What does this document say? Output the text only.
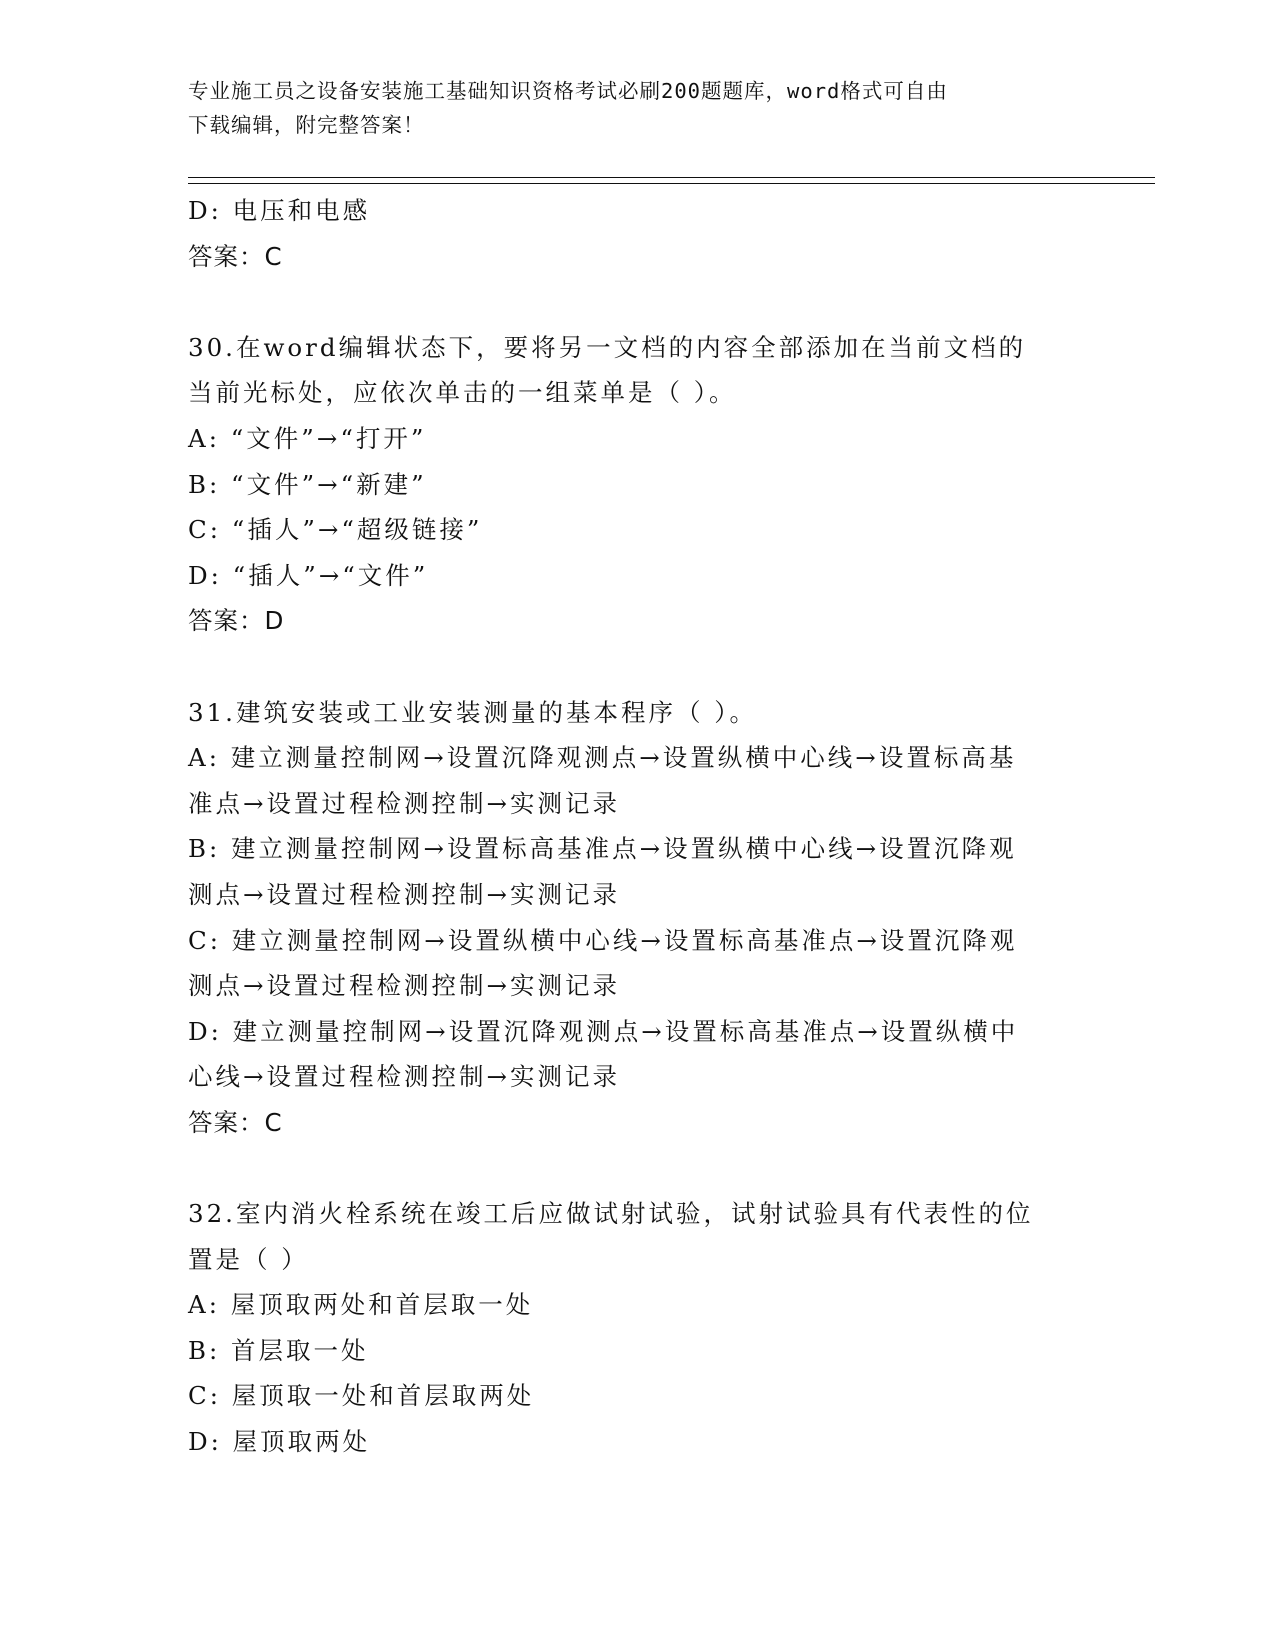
专业施工员之设备安装施工基础知识资格考试必刷200题题库，word格式可自由
下载编辑，附完整答案！
D: 电压和电感
答案：C
30.在word编辑状态下，要将另一文档的内容全部添加在当前文档的
当前光标处，应依次单击的一组菜单是（ ）。
A: “文件”→“打开”
B: “文件”→“新建”
C: “插人”→“超级链接”
D: “插人”→“文件”
答案：D
31.建筑安装或工业安装测量的基本程序（ ）。
A: 建立测量控制网→设置沉降观测点→设置纵横中心线→设置标高基
准点→设置过程检测控制→实测记录
B: 建立测量控制网→设置标高基准点→设置纵横中心线→设置沉降观
测点→设置过程检测控制→实测记录
C: 建立测量控制网→设置纵横中心线→设置标高基准点→设置沉降观
测点→设置过程检测控制→实测记录
D: 建立测量控制网→设置沉降观测点→设置标高基准点→设置纵横中
心线→设置过程检测控制→实测记录
答案：C
32.室内消火栓系统在竣工后应做试射试验，试射试验具有代表性的位
置是（ ）
A: 屋顶取两处和首层取一处
B: 首层取一处
C: 屋顶取一处和首层取两处
D: 屋顶取两处
